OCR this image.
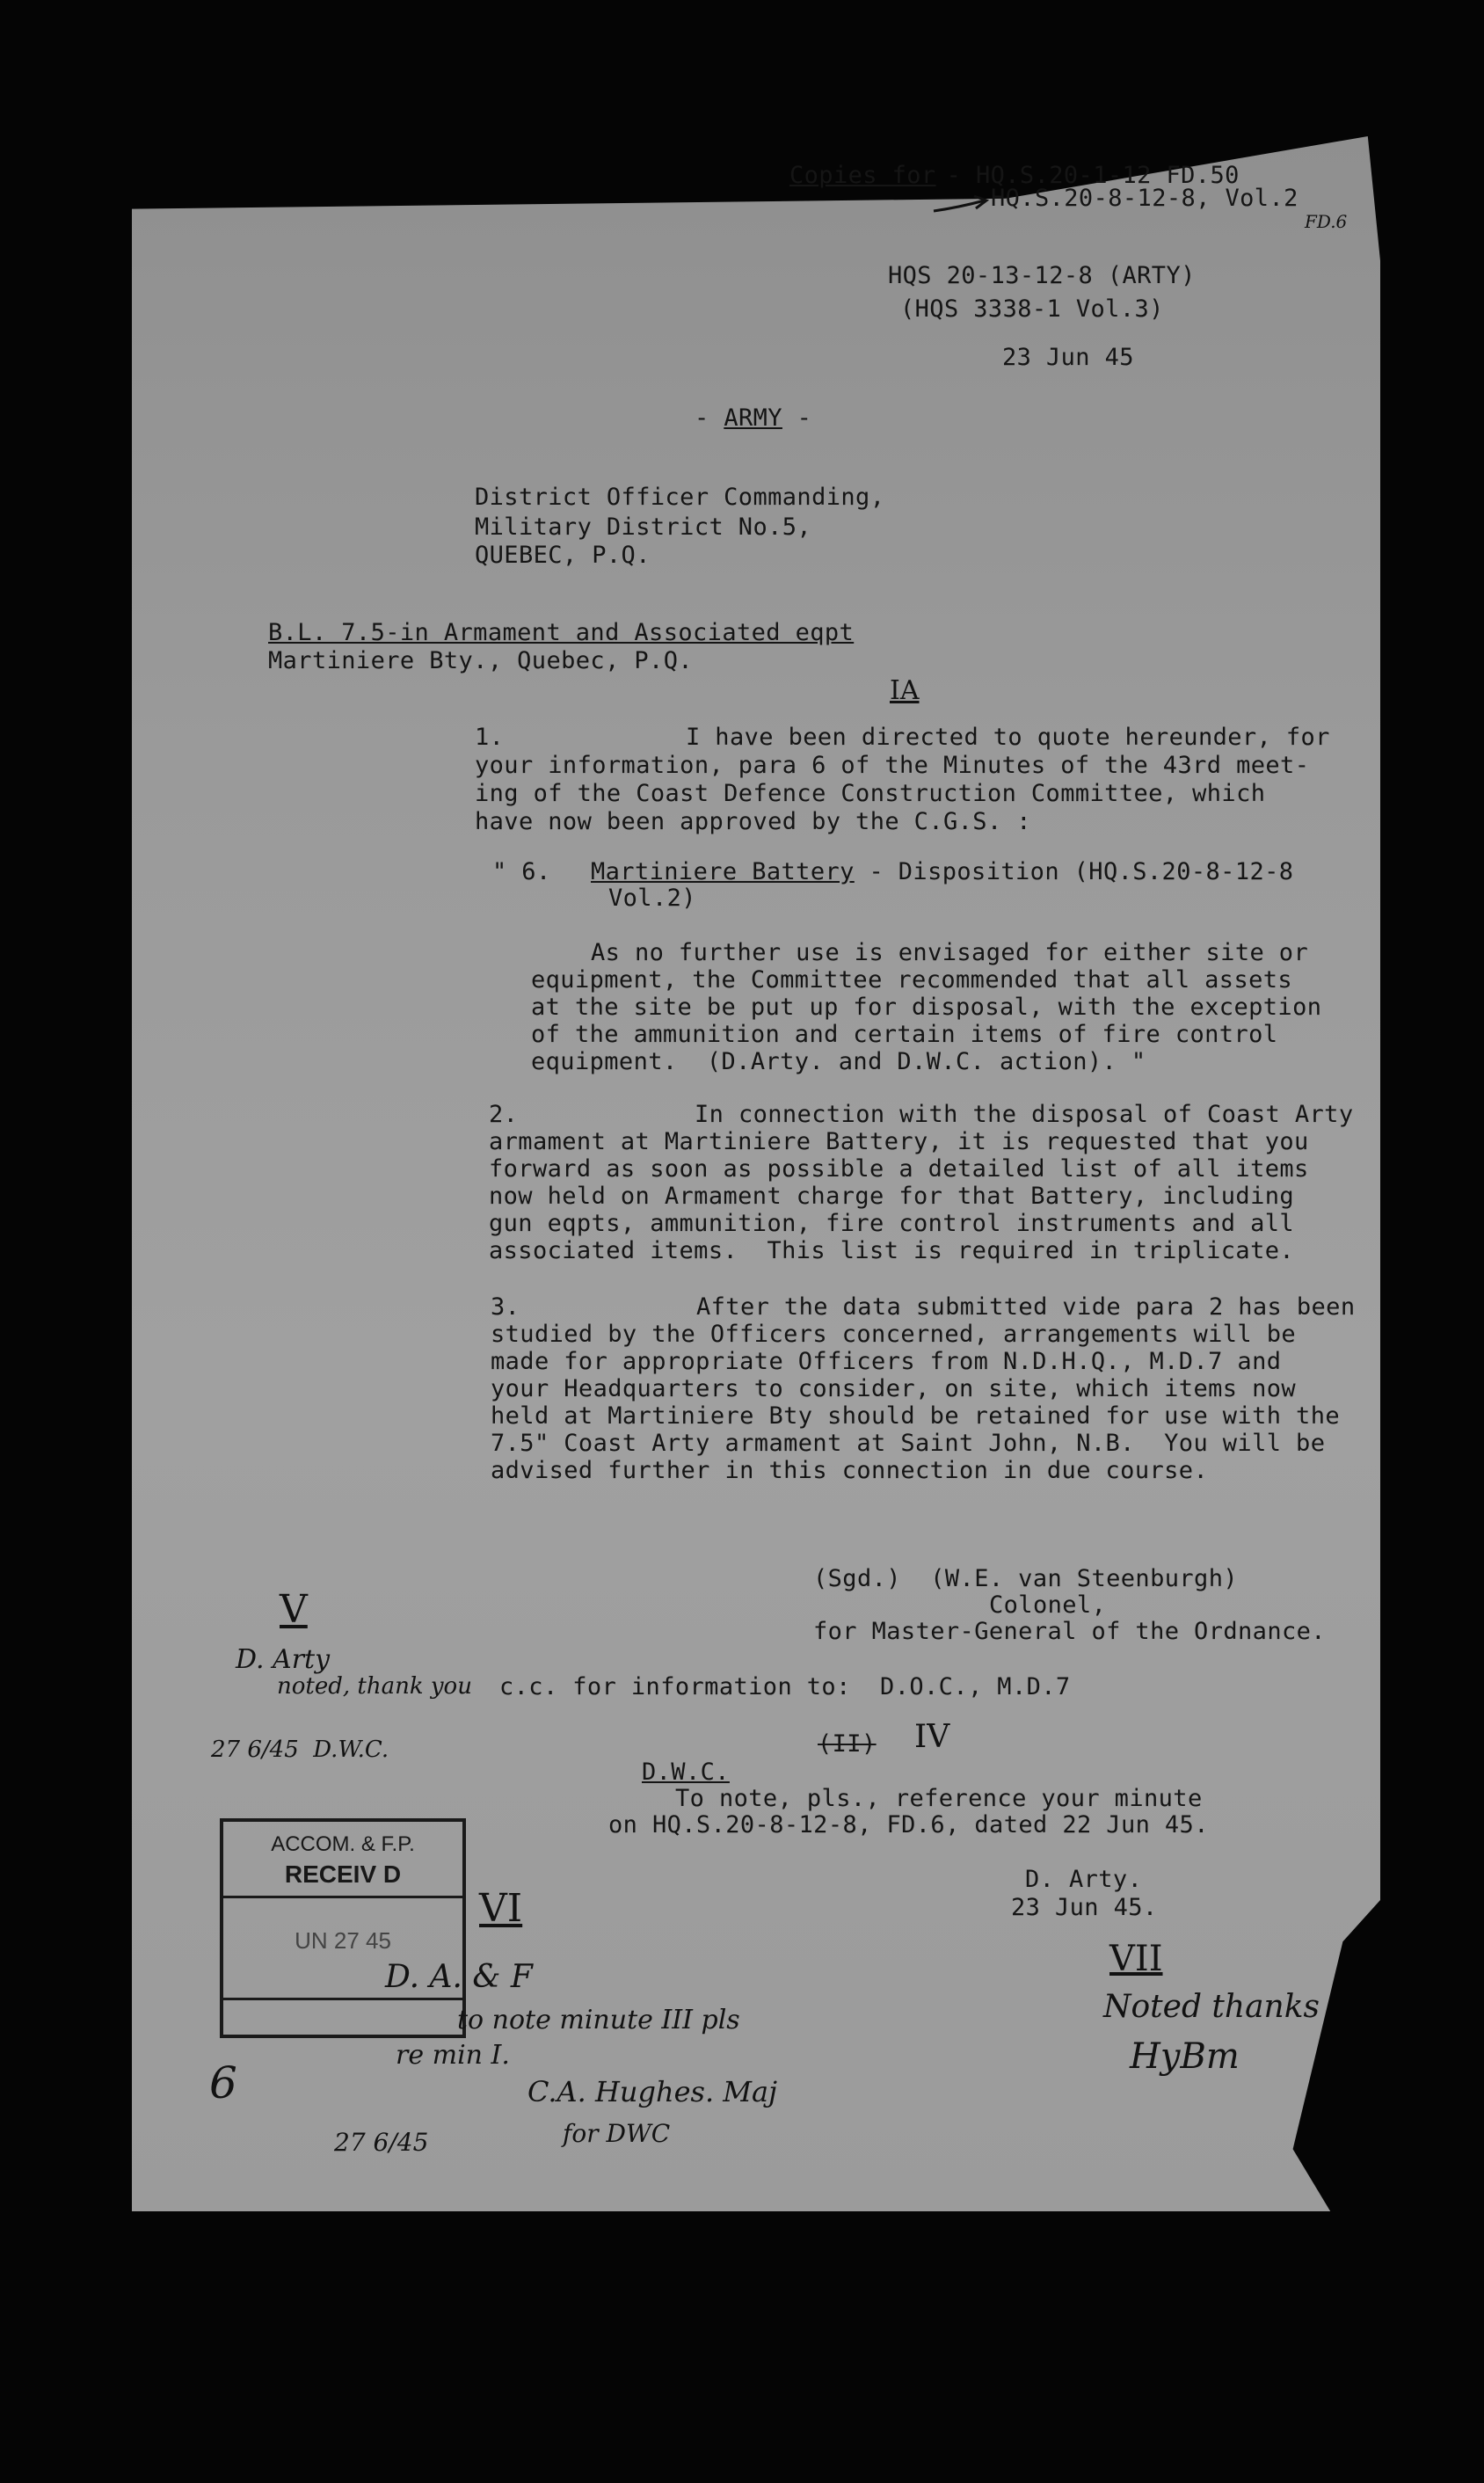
Copies for
- HQ.S.20-1-12 FD.50
HQ.S.20-8-12-8, Vol.2
FD.6
HQS 20-13-12-8 (ARTY)
(HQS 3338-1 Vol.3)
23 Jun 45
- ARMY -
District Officer Commanding,
Military District No.5,
QUEBEC, P.Q.
B.L. 7.5-in Armament and Associated eqpt
Martiniere Bty., Quebec, P.Q.
IA
1.	I have been directed to quote hereunder, for
your information, para 6 of the Minutes of the 43rd meet-
ing of the Coast Defence Construction Committee, which
have now been approved by the C.G.S. :
" 6. Martiniere Battery - Disposition (HQ.S.20-8-12-8
Vol.2)
As no further use is envisaged for either site or
equipment, the Committee recommended that all assets
at the site be put up for disposal, with the exception
of the ammunition and certain items of fire control
equipment.  (D.Arty. and D.W.C. action). "
2.	In connection with the disposal of Coast Arty
armament at Martiniere Battery, it is requested that you
forward as soon as possible a detailed list of all items
now held on Armament charge for that Battery, including
gun eqpts, ammunition, fire control instruments and all
associated items.  This list is required in triplicate.
3.	After the data submitted vide para 2 has been
studied by the Officers concerned, arrangements will be
made for appropriate Officers from N.D.H.Q., M.D.7 and
your Headquarters to consider, on site, which items now
held at Martiniere Bty should be retained for use with the
7.5" Coast Arty armament at Saint John, N.B.  You will be
advised further in this connection in due course.
(Sgd.)  (W.E. van Steenburgh)
Colonel,
for Master-General of the Ordnance.
V
D. Arty
noted, thank you
27 6/45  D.W.C.
c.c. for information to:  D.O.C., M.D.7
(II) IV
D.W.C.
To note, pls., reference your minute
on HQ.S.20-8-12-8, FD.6, dated 22 Jun 45.
D. Arty.
23 Jun 45.
ACCOM. & F.P.
RECEIV D
UN 27 45
VI
D. A. & F
to note minute III pls
re min I.
C.A. Hughes. Maj
27 6/45	for DWC
6
VII
Noted thanks
HyBm
